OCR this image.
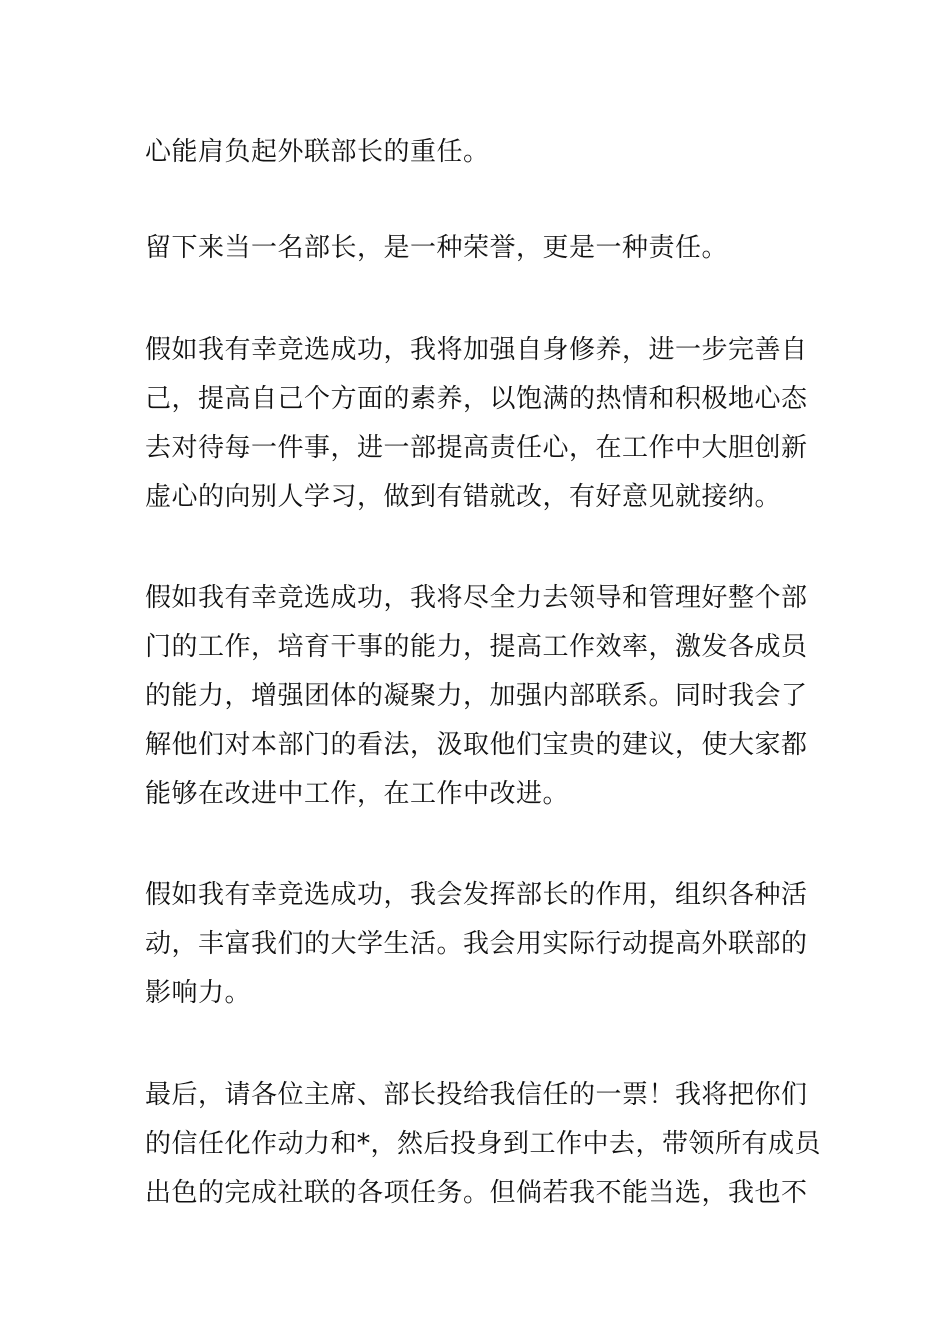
心能肩负起外联部长的重任。

留下来当一名部长，是一种荣誉，更是一种责任。

假如我有幸竞选成功，我将加强自身修养，进一步完善自
己，提高自己个方面的素养，以饱满的热情和积极地心态
去对待每一件事，进一部提高责任心，在工作中大胆创新
虚心的向别人学习，做到有错就改，有好意见就接纳。

假如我有幸竞选成功，我将尽全力去领导和管理好整个部
门的工作，培育干事的能力，提高工作效率，激发各成员
的能力，增强团体的凝聚力，加强内部联系。同时我会了
解他们对本部门的看法，汲取他们宝贵的建议，使大家都
能够在改进中工作，在工作中改进。

假如我有幸竞选成功，我会发挥部长的作用，组织各种活
动，丰富我们的大学生活。我会用实际行动提高外联部的
影响力。

最后，请各位主席、部长投给我信任的一票！我将把你们
的信任化作动力和*，然后投身到工作中去，带领所有成员
出色的完成社联的各项任务。但倘若我不能当选，我也不
